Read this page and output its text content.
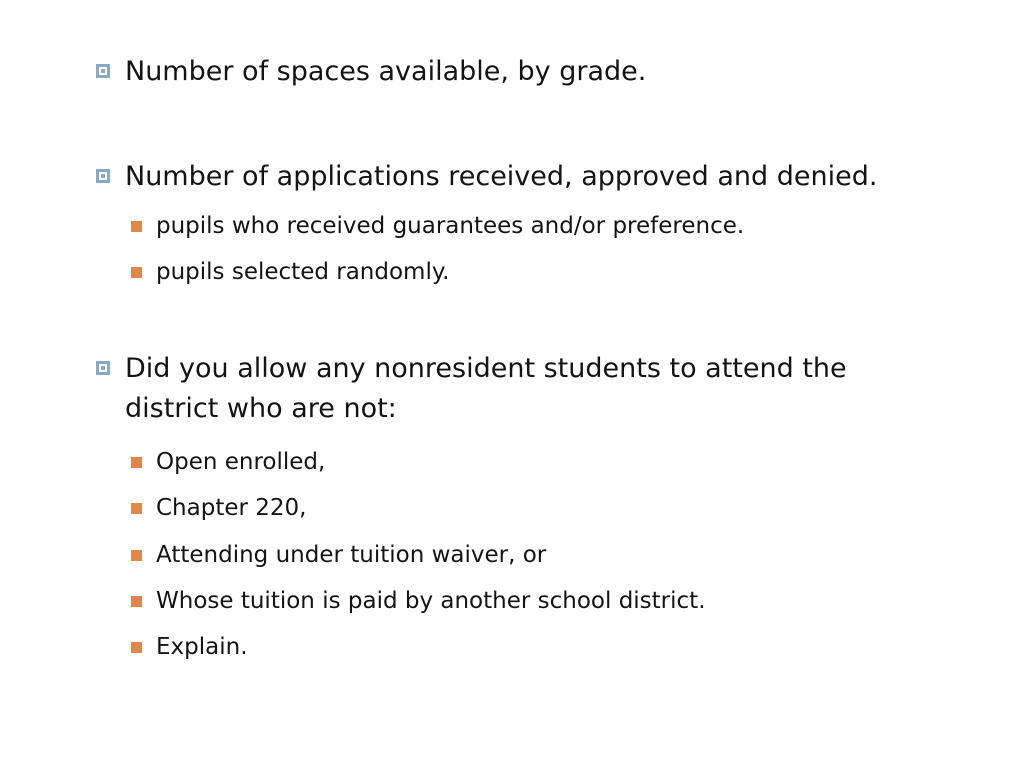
Number of spaces available, by grade.
Number of applications received, approved and denied.
pupils who received guarantees and/or preference.
pupils selected randomly.
Did you allow any nonresident students to attend the district who are not:
Open enrolled,
Chapter 220,
Attending under tuition waiver, or
Whose tuition is paid by another school district.
Explain.
